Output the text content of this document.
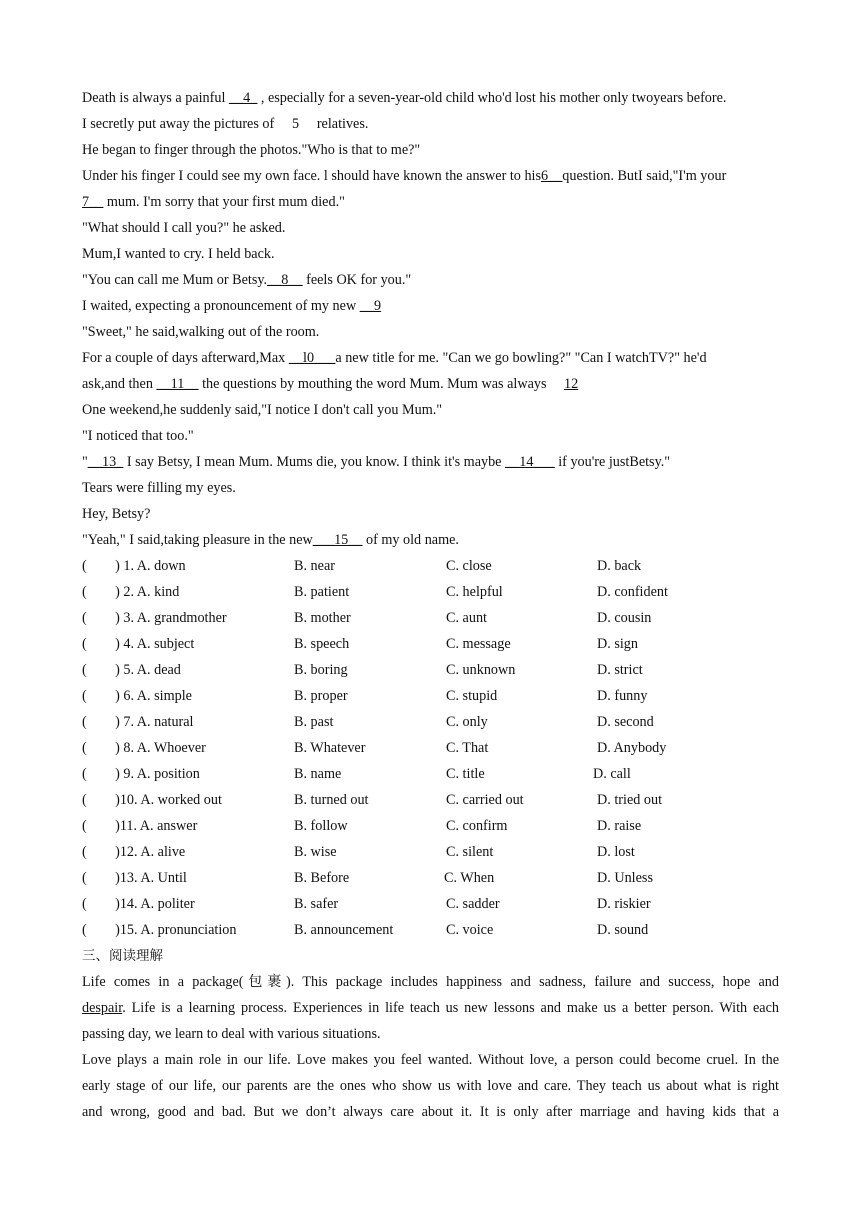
Death is always a painful __4_ , especially for a seven-year-old child who'd lost his mother only twoyears before.
I secretly put away the pictures of     5     relatives.
He began to finger through the photos."Who is that to me?"
Under his finger I could see my own face. l should have known the answer to his6__question. ButI said,"I'm your
7__ mum. I'm sorry that your first mum died."
"What should I call you?" he asked.
Mum,I wanted to cry. I held back.
"You can call me Mum or Betsy.__8__ feels OK for you."
I waited, expecting a pronouncement of my new __9
"Sweet," he said,walking out of the room.
For a couple of days afterward,Max __l0___a new title for me. "Can we go bowling?" "Can I watchTV?" he'd
ask,and then __11__ the questions by mouthing the word Mum. Mum was always 12
One weekend,he suddenly said,"I notice I don't call you Mum."
"I noticed that too."
"__13_ I say Betsy, I mean Mum. Mums die, you know. I think it's maybe __14___ if you're justBetsy."
Tears were filling my eyes.
Hey, Betsy?
"Yeah," I said,taking pleasure in the new___15__ of my old name.
(        ) 1. A. down	B. near	C. close	D. back
(        ) 2. A. kind	B. patient	C. helpful	D. confident
(        ) 3. A. grandmother	B. mother	C. aunt	D. cousin
(        ) 4. A. subject	B. speech	C. message	D. sign
(        ) 5. A. dead	B. boring	C. unknown	D. strict
(        ) 6. A. simple	B. proper	C. stupid	D. funny
(        ) 7. A. natural	B. past	C. only	D. second
(        ) 8. A. Whoever	B. Whatever	C. That	D. Anybody
(        ) 9. A. position	B. name	C. title	D. call
(        )10. A. worked out	B. turned out	C. carried out	D. tried out
(        )11. A. answer	B. follow	C. confirm	D. raise
(        )12. A. alive	B. wise	C. silent	D. lost
(        )13. A. Until	B. Before	C. When	D. Unless
(        )14. A. politer	B. safer	C. sadder	D. riskier
(        )15. A. pronunciation	B. announcement	C. voice	D. sound
三、阅读理解
Life comes in a package(包裹). This package includes happiness and sadness, failure and success, hope and
despair. Life is a learning process. Experiences in life teach us new lessons and make us a better person. With each
passing day, we learn to deal with various situations.
Love plays a main role in our life. Love makes you feel wanted. Without love, a person could become cruel. In the
early stage of our life, our parents are the ones who show us with love and care. They teach us about what is right
and wrong, good and bad. But we don’t always care about it. It is only after marriage and having kids that a
